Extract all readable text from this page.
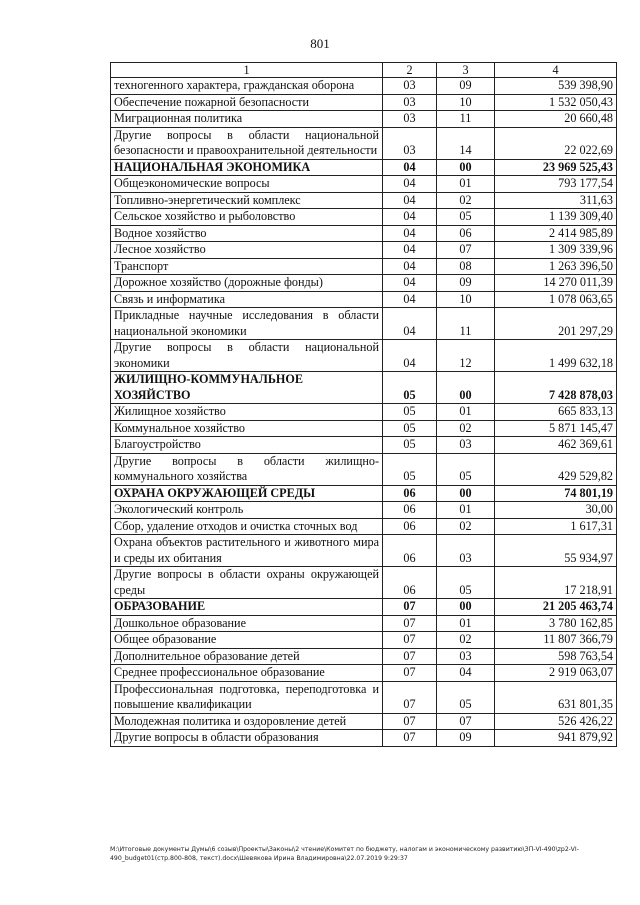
801
1	2	3	4
техногенного характера, гражданская оборона	03	09	539 398,90
Обеспечение пожарной безопасности	03	10	1 532 050,43
Миграционная политика	03	11	20 660,48
Другие вопросы в области национальной безопасности и правоохранительной деятельности	03	14	22 022,69
НАЦИОНАЛЬНАЯ ЭКОНОМИКА	04	00	23 969 525,43
Общеэкономические вопросы	04	01	793 177,54
Топливно-энергетический комплекс	04	02	311,63
Сельское хозяйство и рыболовство	04	05	1 139 309,40
Водное хозяйство	04	06	2 414 985,89
Лесное хозяйство	04	07	1 309 339,96
Транспорт	04	08	1 263 396,50
Дорожное хозяйство (дорожные фонды)	04	09	14 270 011,39
Связь и информатика	04	10	1 078 063,65
Прикладные научные исследования в области национальной экономики	04	11	201 297,29
Другие вопросы в области национальной экономики	04	12	1 499 632,18
ЖИЛИЩНО-КОММУНАЛЬНОЕ ХОЗЯЙСТВО	05	00	7 428 878,03
Жилищное хозяйство	05	01	665 833,13
Коммунальное хозяйство	05	02	5 871 145,47
Благоустройство	05	03	462 369,61
Другие вопросы в области жилищно-коммунального хозяйства	05	05	429 529,82
ОХРАНА ОКРУЖАЮЩЕЙ СРЕДЫ	06	00	74 801,19
Экологический контроль	06	01	30,00
Сбор, удаление отходов и очистка сточных вод	06	02	1 617,31
Охрана объектов растительного и животного мира и среды их обитания	06	03	55 934,97
Другие вопросы в области охраны окружающей среды	06	05	17 218,91
ОБРАЗОВАНИЕ	07	00	21 205 463,74
Дошкольное образование	07	01	3 780 162,85
Общее образование	07	02	11 807 366,79
Дополнительное образование детей	07	03	598 763,54
Среднее профессиональное образование	07	04	2 919 063,07
Профессиональная подготовка, переподготовка и повышение квалификации	07	05	631 801,35
Молодежная политика и оздоровление детей	07	07	526 426,22
Другие вопросы в области образования	07	09	941 879,92
M:\Итоговые документы Думы\6 созыв\Проекты\Законы\2 чтение\Комитет по бюджету, налогам и экономическому развитию\ЗП-VI-490\zp2-VI-490_budget01(стр.800-808, текст).docx\Шевякова Ирина Владимировна\22.07.2019 9:29:37
